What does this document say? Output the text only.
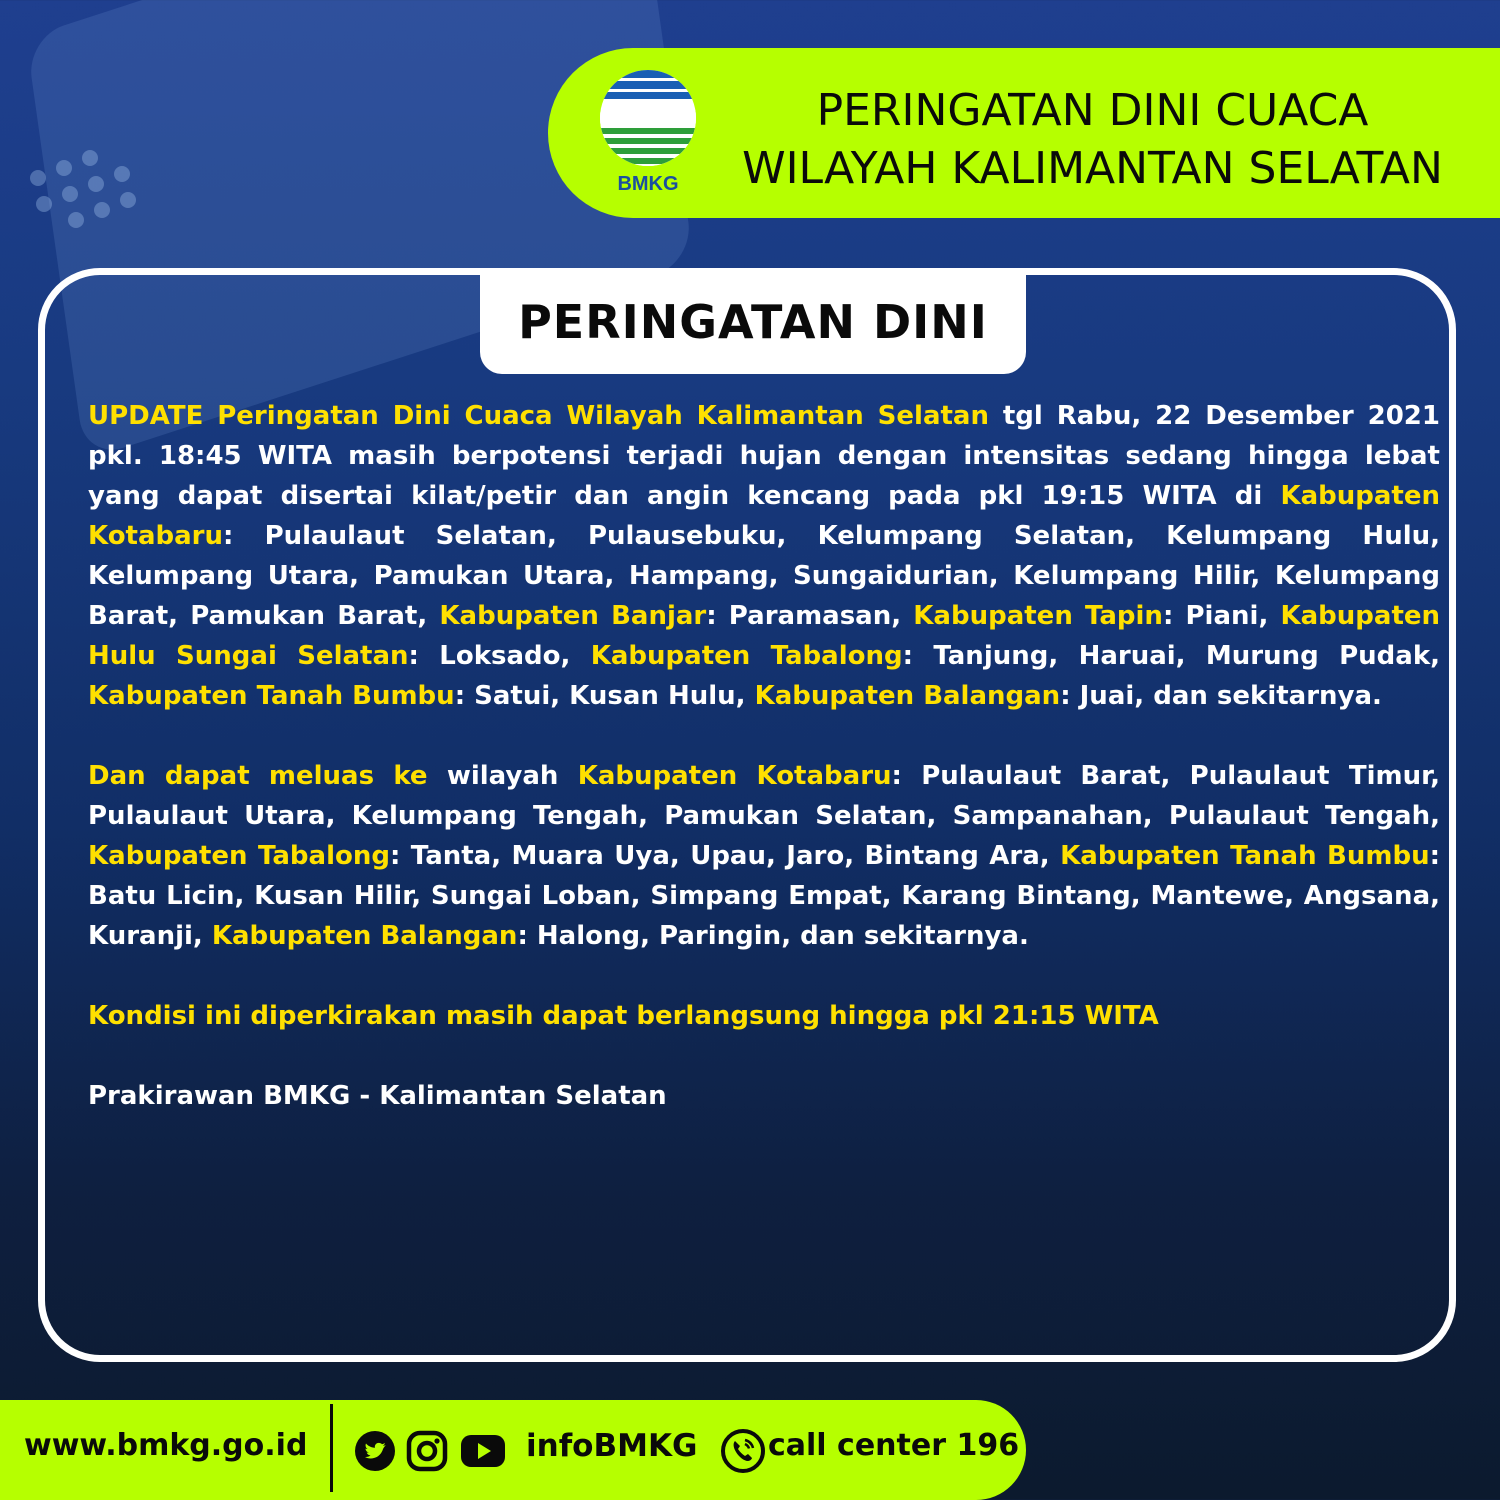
BMKG
PERINGATAN DINI CUACA
WILAYAH KALIMANTAN SELATAN
PERINGATAN DINI

UPDATE Peringatan Dini Cuaca Wilayah Kalimantan Selatan tgl Rabu, 22 Desember 2021 pkl. 18:45 WITA masih berpotensi terjadi hujan dengan intensitas sedang hingga lebat yang dapat disertai kilat/petir dan angin kencang pada pkl 19:15 WITA di Kabupaten Kotabaru: Pulaulaut Selatan, Pulausebuku, Kelumpang Selatan, Kelumpang Hulu, Kelumpang Utara, Pamukan Utara, Hampang, Sungaidurian, Kelumpang Hilir, Kelumpang Barat, Pamukan Barat, Kabupaten Banjar: Paramasan, Kabupaten Tapin: Piani, Kabupaten Hulu Sungai Selatan: Loksado, Kabupaten Tabalong: Tanjung, Haruai, Murung Pudak, Kabupaten Tanah Bumbu: Satui, Kusan Hulu, Kabupaten Balangan: Juai, dan sekitarnya.

Dan dapat meluas ke wilayah Kabupaten Kotabaru: Pulaulaut Barat, Pulaulaut Timur, Pulaulaut Utara, Kelumpang Tengah, Pamukan Selatan, Sampanahan, Pulaulaut Tengah, Kabupaten Tabalong: Tanta, Muara Uya, Upau, Jaro, Bintang Ara, Kabupaten Tanah Bumbu: Batu Licin, Kusan Hilir, Sungai Loban, Simpang Empat, Karang Bintang, Mantewe, Angsana, Kuranji, Kabupaten Balangan: Halong, Paringin, dan sekitarnya.

Kondisi ini diperkirakan masih dapat berlangsung hingga pkl 21:15 WITA

Prakirawan BMKG - Kalimantan Selatan

www.bmkg.go.id	infoBMKG call center 196
